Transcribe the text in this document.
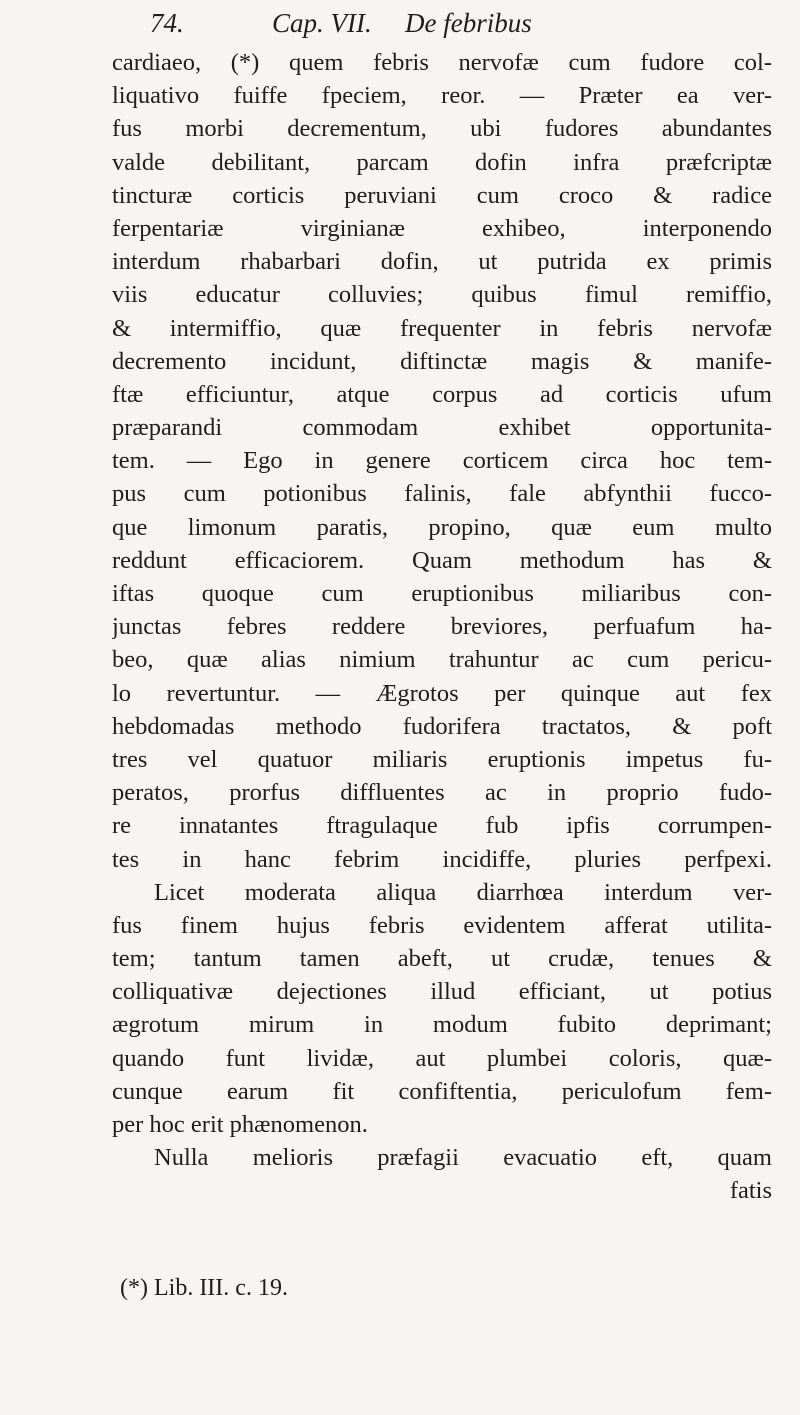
74.	Cap. VII. De febribus
cardiaeo, (*) quem febris nervofæ cum fudore col-
liquativo fuiffe fpeciem, reor. — Præter ea ver-
fus morbi decrementum, ubi fudores abundantes
valde debilitant, parcam dofin infra præfcriptæ
tincturæ corticis peruviani cum croco & radice
ferpentariæ virginianæ exhibeo, interponendo
interdum rhabarbari dofin, ut putrida ex primis
viis educatur colluvies; quibus fimul remiffio,
& intermiffio, quæ frequenter in febris nervofæ
decremento incidunt, diftinctæ magis & manife-
ftæ efficiuntur, atque corpus ad corticis ufum
præparandi commodam exhibet opportunita-
tem. — Ego in genere corticem circa hoc tem-
pus cum potionibus falinis, fale abfynthii fucco-
que limonum paratis, propino, quæ eum multo
reddunt efficaciorem. Quam methodum has &
iftas quoque cum eruptionibus miliaribus con-
junctas febres reddere breviores, perfuafum ha-
beo, quæ alias nimium trahuntur ac cum pericu-
lo revertuntur. — Ægrotos per quinque aut fex
hebdomadas methodo fudorifera tractatos, & poft
tres vel quatuor miliaris eruptionis impetus fu-
peratos, prorfus diffluentes ac in proprio fudo-
re innatantes ftragulaque fub ipfis corrumpen-
tes in hanc febrim incidiffe, pluries perfpexi.
Licet moderata aliqua diarrhœa interdum ver-
fus finem hujus febris evidentem afferat utilita-
tem; tantum tamen abeft, ut crudæ, tenues &
colliquativæ dejectiones illud efficiant, ut potius
ægrotum mirum in modum fubito deprimant;
quando funt lividæ, aut plumbei coloris, quæ-
cunque earum fit confiftentia, periculofum fem-
per hoc erit phænomenon.
Nulla melioris præfagii evacuatio eft, quam
fatis
(*) Lib. III. c. 19.
